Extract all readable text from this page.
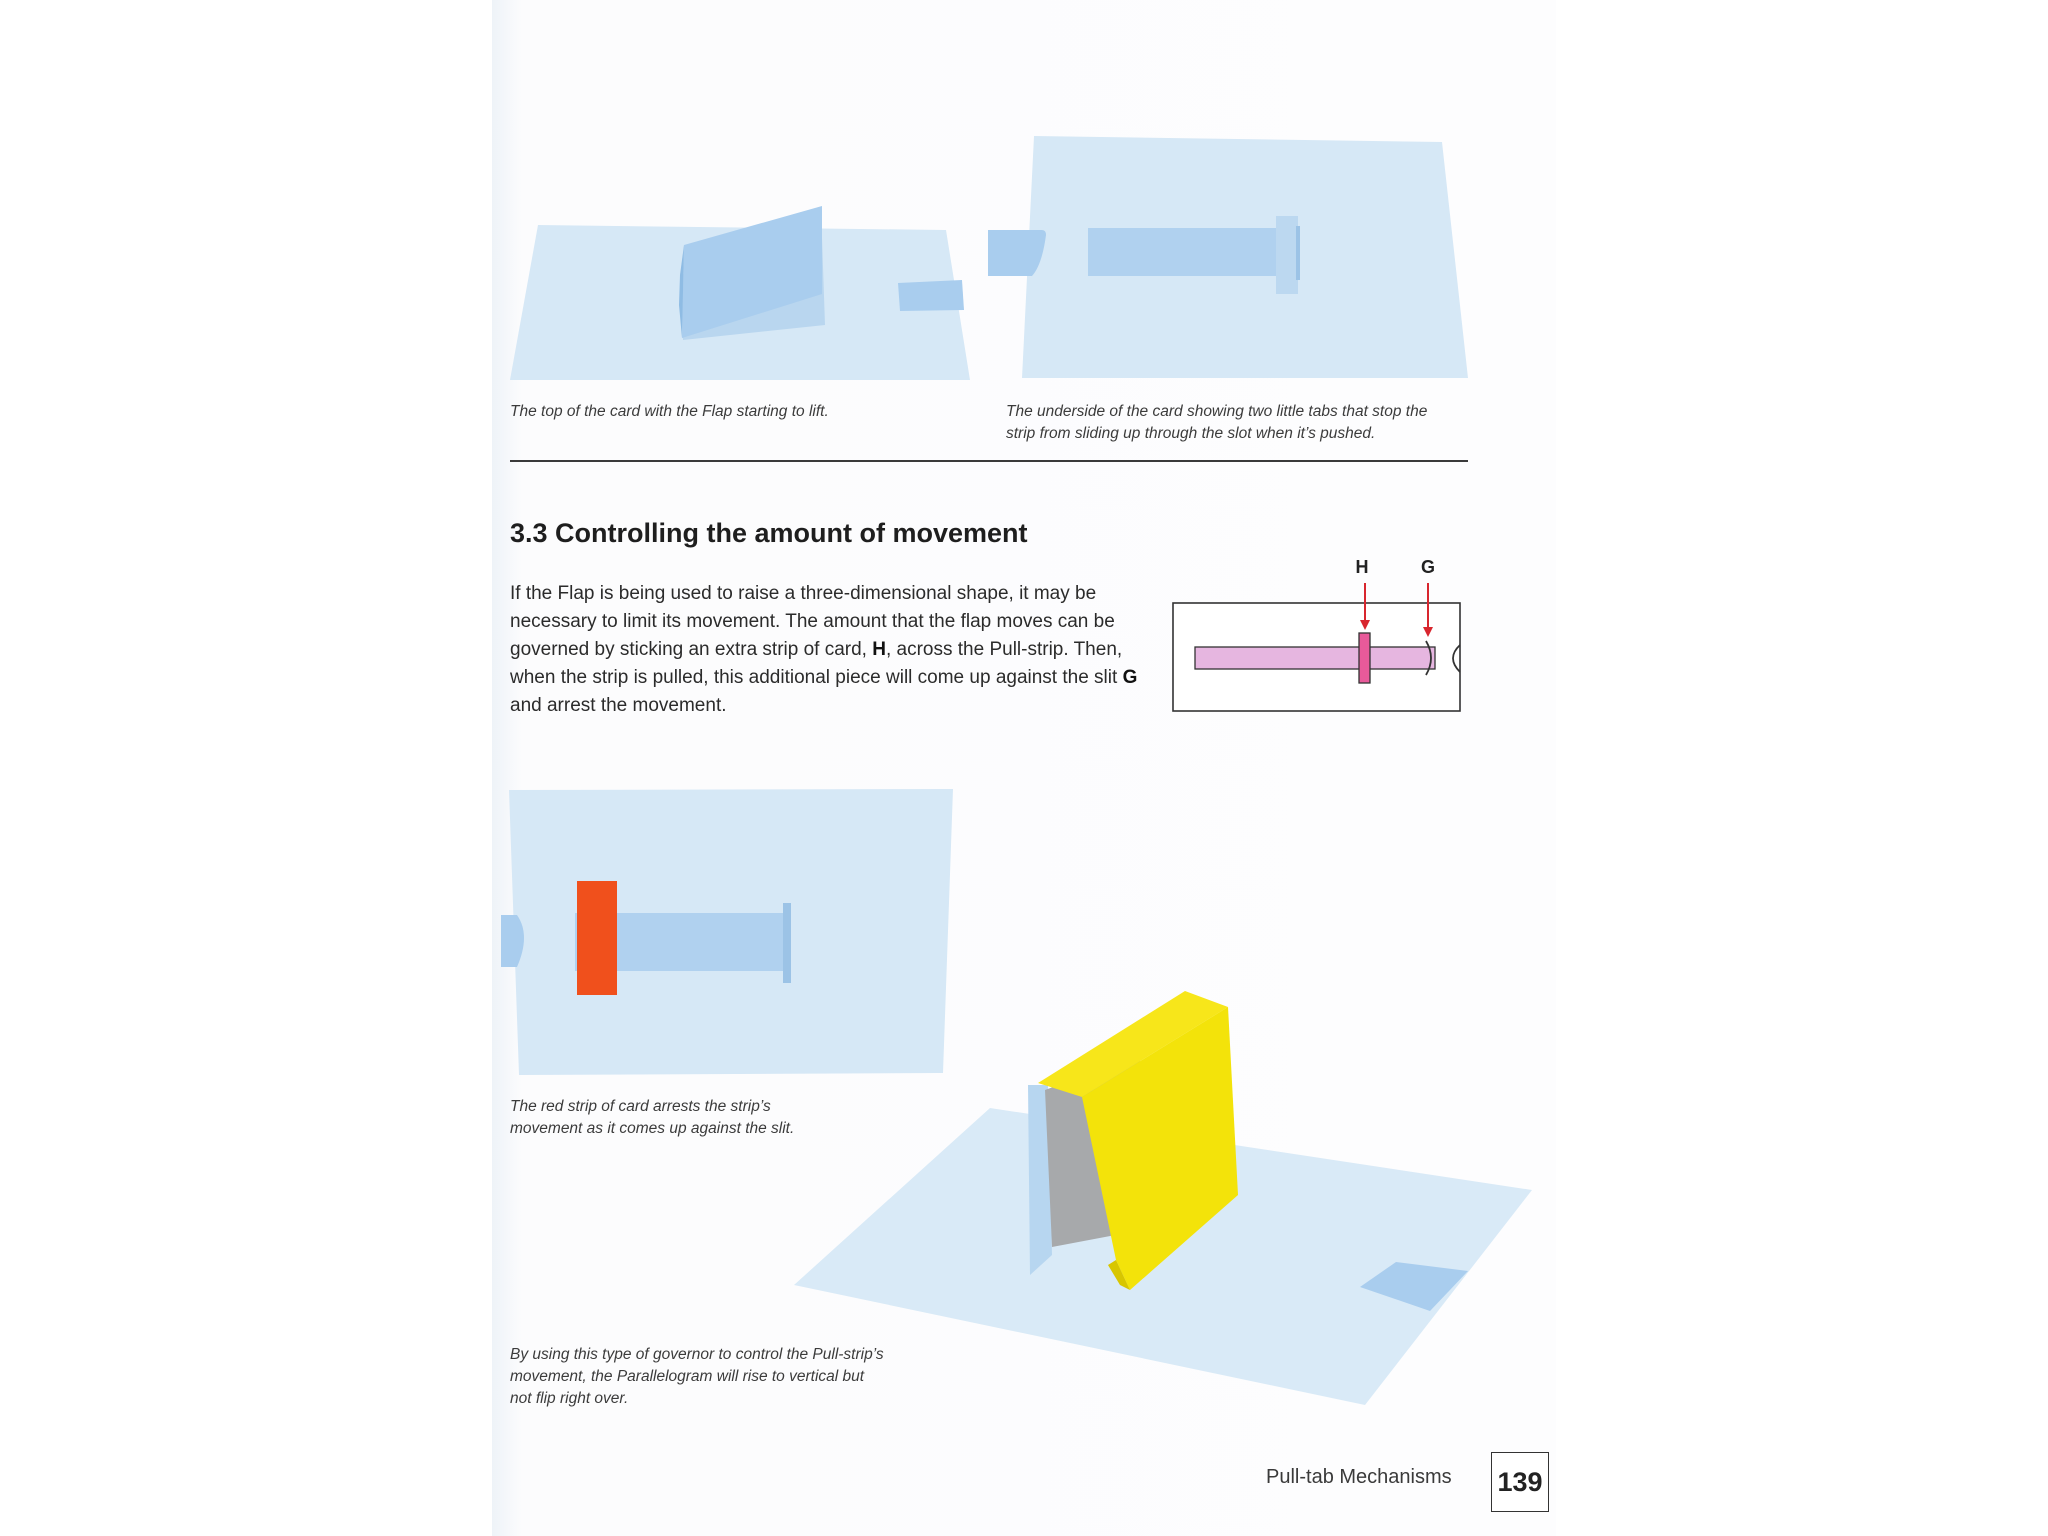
The top of the card with the Flap starting to lift.	The underside of the card showing two little tabs that stop the
strip from sliding up through the slot when it’s pushed.
3.3 Controlling the amount of movement
If the Flap is being used to raise a three-dimensional shape, it may be necessary to limit its movement. The amount that the flap moves can be governed by sticking an extra strip of card, H, across the Pull-strip. Then, when the strip is pulled, this additional piece will come up against the slit G and arrest the movement.
H	G
The red strip of card arrests the strip’s
movement as it comes up against the slit.
By using this type of governor to control the Pull-strip’s
movement, the Parallelogram will rise to vertical but
not flip right over.
Pull-tab Mechanisms 139
